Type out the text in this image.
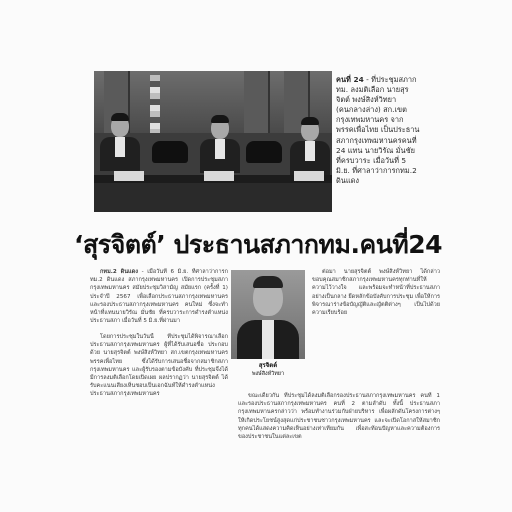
คนที่ 24 - ที่ประชุมสภากทม. ลงมติเลือก นายสุรจิตต์ พงษ์สิงห์วิทยา (คนกลางล่าง) สก.เขตกรุงเทพมหานคร จากพรรคเพื่อไทย เป็นประธานสภากรุงเทพมหานครคนที่ 24 แทน นายวิรัณ มั่นชัย ที่ครบวาระ เมื่อวันที่ 5 มิ.ย. ที่ศาลาว่าการกทม.2 ดินแดง
‘สุรจิตต์’ ประธานสภากทม.คนที่24

กทม.2 ดินแดง - เมื่อวันที่ 6 มิ.ย. ที่ศาลาว่าการกทม.2 ดินแดง สภากรุงเทพมหานคร เปิดการประชุมสภากรุงเทพมหานคร สมัยประชุมวิสามัญ สมัยแรก (ครั้งที่ 1) ประจำปี 2567 เพื่อเลือกประธานสภากรุงเทพมหานคร และรองประธานสภากรุงเทพมหานคร คนใหม่ ซึ่งจะทำหน้าที่แทนนายวิรัณ มั่นชัย ที่ครบวาระการดำรงตำแหน่งประธานสภา เมื่อวันที่ 5 มิ.ย.ที่ผ่านมา

โดยการประชุมในวันนี้ ที่ประชุมได้พิจารณาเลือกประธานสภากรุงเทพมหานคร ผู้ที่ได้รับเสนอชื่อ ประกอบด้วย นายสุรจิตต์ พงษ์สิงห์วิทยา สก.เขตกรุงเทพมหานคร พรรคเพื่อไทย ซึ่งได้รับการเสนอชื่อจากสมาชิกสภากรุงเทพมหานคร และผู้รับรองตามข้อบังคับ ที่ประชุมจึงได้มีการลงมติเลือกโดยเปิดเผย ผลปรากฏว่า นายสุรจิตต์ ได้รับคะแนนเสียงเห็นชอบเป็นเอกฉันท์ให้ดำรงตำแหน่งประธานสภากรุงเทพมหานคร

สุรจิตต์
พงษ์สิงห์วิทยา

ต่อมา นายสุรจิตต์ พงษ์สิงห์วิทยา ได้กล่าวขอบคุณสมาชิกสภากรุงเทพมหานครทุกท่านที่ให้ความไว้วางใจ และพร้อมจะทำหน้าที่ประธานสภาอย่างเป็นกลาง ยึดหลักข้อบังคับการประชุม เพื่อให้การพิจารณาร่างข้อบัญญัติและญัตติต่างๆ เป็นไปด้วยความเรียบร้อย

ขณะเดียวกัน ที่ประชุมได้ลงมติเลือกรองประธานสภากรุงเทพมหานคร คนที่ 1 และรองประธานสภากรุงเทพมหานคร คนที่ 2 ตามลำดับ ทั้งนี้ ประธานสภากรุงเทพมหานครกล่าวว่า พร้อมทำงานร่วมกับฝ่ายบริหาร เพื่อผลักดันโครงการต่างๆ ให้เกิดประโยชน์สูงสุดแก่ประชาชนชาวกรุงเทพมหานคร และจะเปิดโอกาสให้สมาชิกทุกคนได้แสดงความคิดเห็นอย่างเท่าเทียมกัน เพื่อสะท้อนปัญหาและความต้องการของประชาชนในแต่ละเขต
